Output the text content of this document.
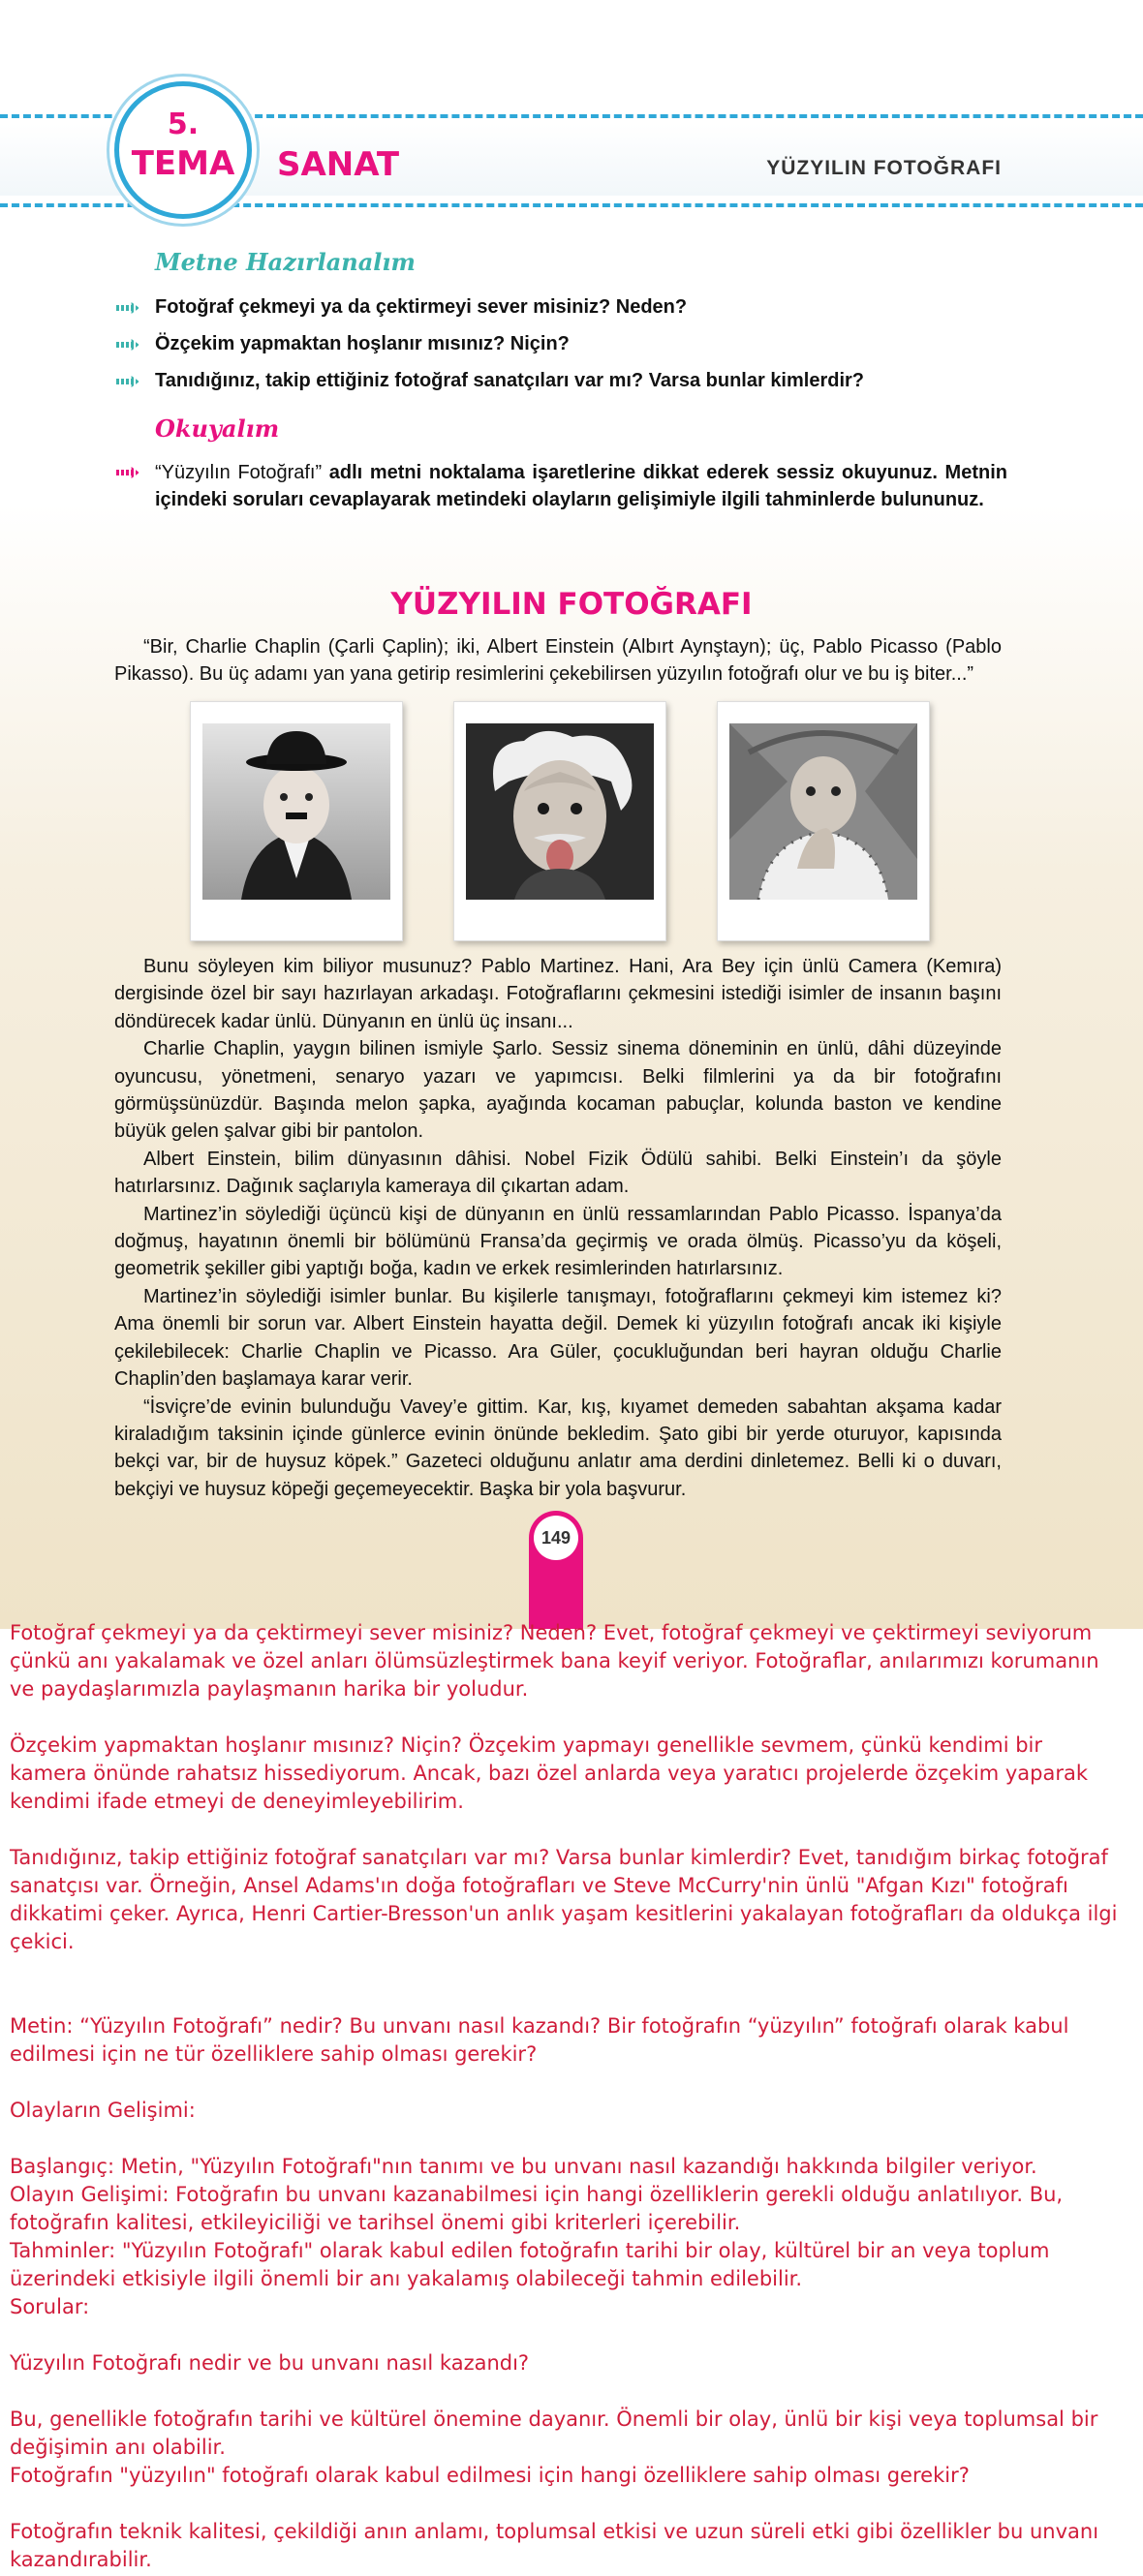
5.
TEMA	SANAT	YÜZYILIN FOTOĞRAFI
Metne Hazırlanalım
Fotoğraf çekmeyi ya da çektirmeyi sever misiniz? Neden?
Özçekim yapmaktan hoşlanır mısınız? Niçin?
Tanıdığınız, takip ettiğiniz fotoğraf sanatçıları var mı? Varsa bunlar kimlerdir?
Okuyalım
“Yüzyılın Fotoğrafı” adlı metni noktalama işaretlerine dikkat ederek sessiz okuyunuz. Metnin içindeki soruları cevaplayarak metindeki olayların gelişimiyle ilgili tahminlerde bulununuz.
YÜZYILIN FOTOĞRAFI
“Bir, Charlie Chaplin (Çarli Çaplin); iki, Albert Einstein (Albırt Aynştayn); üç, Pablo Picasso (Pablo Pikasso). Bu üç adamı yan yana getirip resimlerini çekebilirsen yüzyılın fotoğrafı olur ve bu iş biter...”

Bunu söyleyen kim biliyor musunuz? Pablo Martinez. Hani, Ara Bey için ünlü Camera (Kemıra) dergisinde özel bir sayı hazırlayan arkadaşı. Fotoğraflarını çekmesini istediği isimler de insanın başını döndürecek kadar ünlü. Dünyanın en ünlü üç insanı...

Charlie Chaplin, yaygın bilinen ismiyle Şarlo. Sessiz sinema döneminin en ünlü, dâhi düzeyinde oyuncusu, yönetmeni, senaryo yazarı ve yapımcısı. Belki filmlerini ya da bir fotoğrafını görmüşsünüzdür. Başında melon şapka, ayağında kocaman pabuçlar, kolunda baston ve kendine büyük gelen şalvar gibi bir pantolon.

Albert Einstein, bilim dünyasının dâhisi. Nobel Fizik Ödülü sahibi. Belki Einstein’ı da şöyle hatırlarsınız. Dağınık saçlarıyla kameraya dil çıkartan adam.

Martinez’in söylediği üçüncü kişi de dünyanın en ünlü ressamlarından Pablo Picasso. İspanya’da doğmuş, hayatının önemli bir bölümünü Fransa’da geçirmiş ve orada ölmüş. Picasso’yu da köşeli, geometrik şekiller gibi yaptığı boğa, kadın ve erkek resimlerinden hatırlarsınız.

Martinez’in söylediği isimler bunlar. Bu kişilerle tanışmayı, fotoğraflarını çekmeyi kim istemez ki? Ama önemli bir sorun var. Albert Einstein hayatta değil. Demek ki yüzyılın fotoğrafı ancak iki kişiyle çekilebilecek: Charlie Chaplin ve Picasso. Ara Güler, çocukluğundan beri hayran olduğu Charlie Chaplin’den başlamaya karar verir.

“İsviçre’de evinin bulunduğu Vavey’e gittim. Kar, kış, kıyamet demeden sabahtan akşama kadar kiraladığım taksinin içinde günlerce evinin önünde bekledim. Şato gibi bir yerde oturuyor, kapısında bekçi var, bir de huysuz köpek.” Gazeteci olduğunu anlatır ama derdini dinletemez. Belli ki o duvarı, bekçiyi ve huysuz köpeği geçemeyecektir. Başka bir yola başvurur.

149

Fotoğraf çekmeyi ya da çektirmeyi sever misiniz? Neden? Evet, fotoğraf çekmeyi ve çektirmeyi seviyorum çünkü anı yakalamak ve özel anları ölümsüzleştirmek bana keyif veriyor. Fotoğraflar, anılarımızı korumanın ve paydaşlarımızla paylaşmanın harika bir yoludur.

Özçekim yapmaktan hoşlanır mısınız? Niçin? Özçekim yapmayı genellikle sevmem, çünkü kendimi bir kamera önünde rahatsız hissediyorum. Ancak, bazı özel anlarda veya yaratıcı projelerde özçekim yaparak kendimi ifade etmeyi de deneyimleyebilirim.

Tanıdığınız, takip ettiğiniz fotoğraf sanatçıları var mı? Varsa bunlar kimlerdir? Evet, tanıdığım birkaç fotoğraf sanatçısı var. Örneğin, Ansel Adams'ın doğa fotoğrafları ve Steve McCurry'nin ünlü "Afgan Kızı" fotoğrafı dikkatimi çeker. Ayrıca, Henri Cartier-Bresson'un anlık yaşam kesitlerini yakalayan fotoğrafları da oldukça ilgi çekici.

Metin: “Yüzyılın Fotoğrafı” nedir? Bu unvanı nasıl kazandı? Bir fotoğrafın “yüzyılın” fotoğrafı olarak kabul edilmesi için ne tür özelliklere sahip olması gerekir?

Olayların Gelişimi:

Başlangıç: Metin, "Yüzyılın Fotoğrafı"nın tanımı ve bu unvanı nasıl kazandığı hakkında bilgiler veriyor.

Olayın Gelişimi: Fotoğrafın bu unvanı kazanabilmesi için hangi özelliklerin gerekli olduğu anlatılıyor. Bu, fotoğrafın kalitesi, etkileyiciliği ve tarihsel önemi gibi kriterleri içerebilir.

Tahminler: "Yüzyılın Fotoğrafı" olarak kabul edilen fotoğrafın tarihi bir olay, kültürel bir an veya toplum üzerindeki etkisiyle ilgili önemli bir anı yakalamış olabileceği tahmin edilebilir.

Sorular:

Yüzyılın Fotoğrafı nedir ve bu unvanı nasıl kazandı?

Bu, genellikle fotoğrafın tarihi ve kültürel önemine dayanır. Önemli bir olay, ünlü bir kişi veya toplumsal bir değişimin anı olabilir.

Fotoğrafın "yüzyılın" fotoğrafı olarak kabul edilmesi için hangi özelliklere sahip olması gerekir?

Fotoğrafın teknik kalitesi, çekildiği anın anlamı, toplumsal etkisi ve uzun süreli etki gibi özellikler bu unvanı kazandırabilir.
